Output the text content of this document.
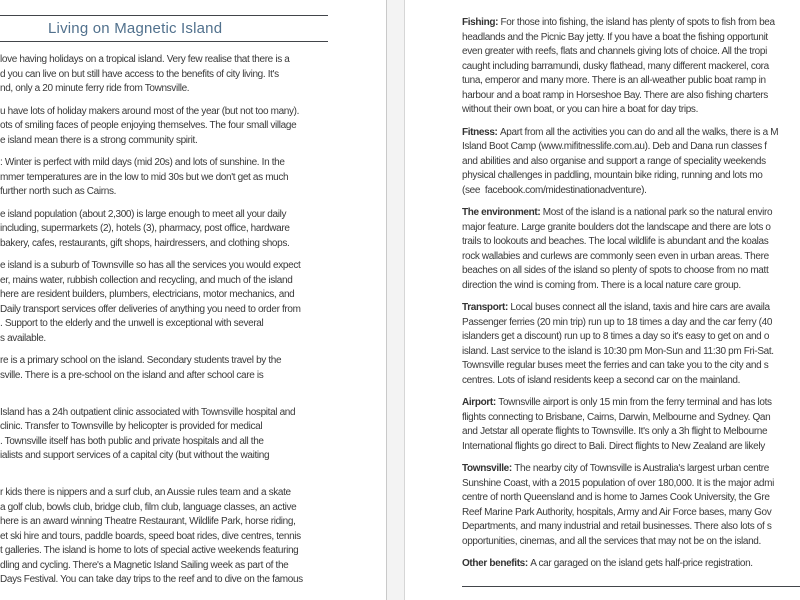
Living on Magnetic Island
love having holidays on a tropical island. Very few realise that there is a
d you can live on but still have access to the benefits of city living. It's
nd, only a 20 minute ferry ride from Townsville.
u have lots of holiday makers around most of the year (but not too many).
ots of smiling faces of people enjoying themselves. The four small village
e island mean there is a strong community spirit.
: Winter is perfect with mild days (mid 20s) and lots of sunshine. In the
mmer temperatures are in the low to mid 30s but we don't get as much
further north such as Cairns.
e island population (about 2,300) is large enough to meet all your daily
including, supermarkets (2), hotels (3), pharmacy, post office, hardware
bakery, cafes, restaurants, gift shops, hairdressers, and clothing shops.
e island is a suburb of Townsville so has all the services you would expect
er, mains water, rubbish collection and recycling, and much of the island
here are resident builders, plumbers, electricians, motor mechanics, and
Daily transport services offer deliveries of anything you need to order from
. Support to the elderly and the unwell is exceptional with several
s available.
re is a primary school on the island. Secondary students travel by the
sville. There is a pre-school on the island and after school care is
Island has a 24h outpatient clinic associated with Townsville hospital and
clinic. Transfer to Townsville by helicopter is provided for medical
. Townsville itself has both public and private hospitals and all the
ialists and support services of a capital city (but without the waiting
r kids there is nippers and a surf club, an Aussie rules team and a skate
a golf club, bowls club, bridge club, film club, language classes, an active
here is an award winning Theatre Restaurant, Wildlife Park, horse riding,
et ski hire and tours, paddle boards, speed boat rides, dive centres, tennis
t galleries. The island is home to lots of special active weekends featuring
dling and cycling. There's a Magnetic Island Sailing week as part of the
Days Festival. You can take day trips to the reef and to dive on the famous
Fishing: For those into fishing, the island has plenty of spots to fish from bea
headlands and the Picnic Bay jetty. If you have a boat the fishing opportunit
even greater with reefs, flats and channels giving lots of choice. All the tropi
caught including barramundi, dusky flathead, many different mackerel, cora
tuna, emperor and many more. There is an all-weather public boat ramp in
harbour and a boat ramp in Horseshoe Bay. There are also fishing charters
without their own boat, or you can hire a boat for day trips.
Fitness: Apart from all the activities you can do and all the walks, there is a M
Island Boot Camp (www.mifitnesslife.com.au). Deb and Dana run classes f
and abilities and also organise and support a range of speciality weekends
physical challenges in paddling, mountain bike riding, running and lots mo
(see  facebook.com/midestinationadventure).
The environment: Most of the island is a national park so the natural enviro
major feature. Large granite boulders dot the landscape and there are lots o
trails to lookouts and beaches. The local wildlife is abundant and the koalas
rock wallabies and curlews are commonly seen even in urban areas. There
beaches on all sides of the island so plenty of spots to choose from no matt
direction the wind is coming from. There is a local nature care group.
Transport: Local buses connect all the island, taxis and hire cars are availa
Passenger ferries (20 min trip) run up to 18 times a day and the car ferry (40
islanders get a discount) run up to 8 times a day so it's easy to get on and o
island. Last service to the island is 10:30 pm Mon-Sun and 11:30 pm Fri-Sat.
Townsville regular buses meet the ferries and can take you to the city and s
centres. Lots of island residents keep a second car on the mainland.
Airport: Townsville airport is only 15 min from the ferry terminal and has lots
flights connecting to Brisbane, Cairns, Darwin, Melbourne and Sydney. Qan
and Jetstar all operate flights to Townsville. It's only a 3h flight to Melbourne
International flights go direct to Bali. Direct flights to New Zealand are likely
Townsville: The nearby city of Townsville is Australia's largest urban centre
Sunshine Coast, with a 2015 population of over 180,000. It is the major admi
centre of north Queensland and is home to James Cook University, the Gre
Reef Marine Park Authority, hospitals, Army and Air Force bases, many Gov
Departments, and many industrial and retail businesses. There also lots of s
opportunities, cinemas, and all the services that may not be on the island.
Other benefits: A car garaged on the island gets half-price registration.
